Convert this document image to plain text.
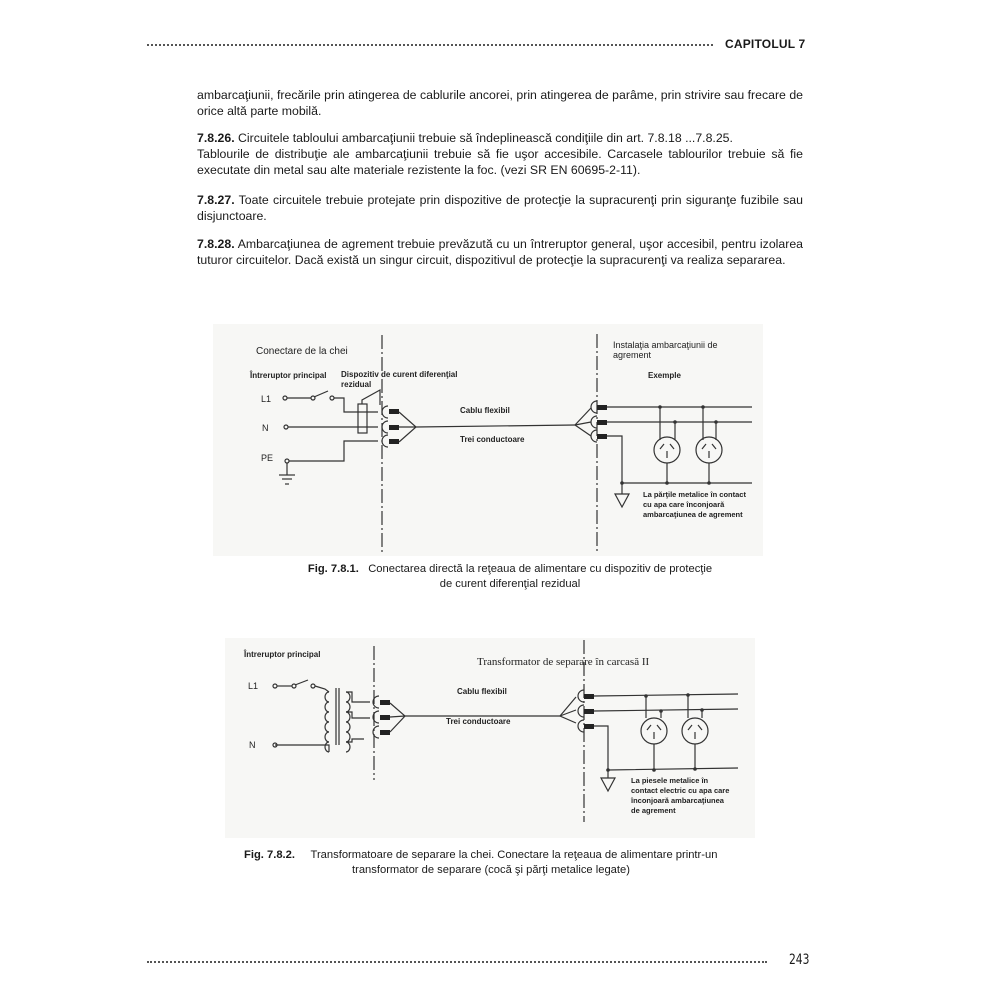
CAPITOLUL 7
ambarcaţiunii, frecările prin atingerea de cablurile ancorei, prin atingerea de parâme, prin strivire sau frecare de orice altă parte mobilă.
7.8.26. Circuitele tabloului ambarcaţiunii trebuie să îndeplinească condiţiile din art. 7.8.18 ...7.8.25.
Tablourile de distribuţie ale ambarcaţiunii trebuie să fie uşor accesibile. Carcasele tablourilor trebuie să fie executate din metal sau alte materiale rezistente la foc. (vezi SR EN 60695-2-11).
7.8.27. Toate circuitele trebuie protejate prin dispozitive de protecţie la supracurenţi prin siguranţe fuzibile sau disjunctoare.
7.8.28. Ambarcaţiunea de agrement trebuie prevăzută cu un întreruptor general, uşor accesibil, pentru izolarea tuturor circuitelor. Dacă există un singur circuit, dispozitivul de protecţie la supracurenţi va realiza separarea.
Conectare de la chei
Întreruptor principal Dispozitiv de curent diferenţial
rezidual
L1
N
PE
Cablu flexibil
Trei conductoare
Instalaţia ambarcaţiunii de
agrement
Exemple
La părţile metalice în contact
cu apa care înconjoară
ambarcaţiunea de agrement
Fig. 7.8.1. Conectarea directă la reţeaua de alimentare cu dispozitiv de protecţie
de curent diferenţial rezidual
Întreruptor principal
L1
N
Transformator de separare în carcasă II
Cablu flexibil
Trei conductoare
La piesele metalice în
contact electric cu apa care
înconjoară ambarcaţiunea
de agrement
Fig. 7.8.2. Transformatoare de separare la chei. Conectare la reţeaua de alimentare printr-un
transformator de separare (cocă şi părţi metalice legate)
243
